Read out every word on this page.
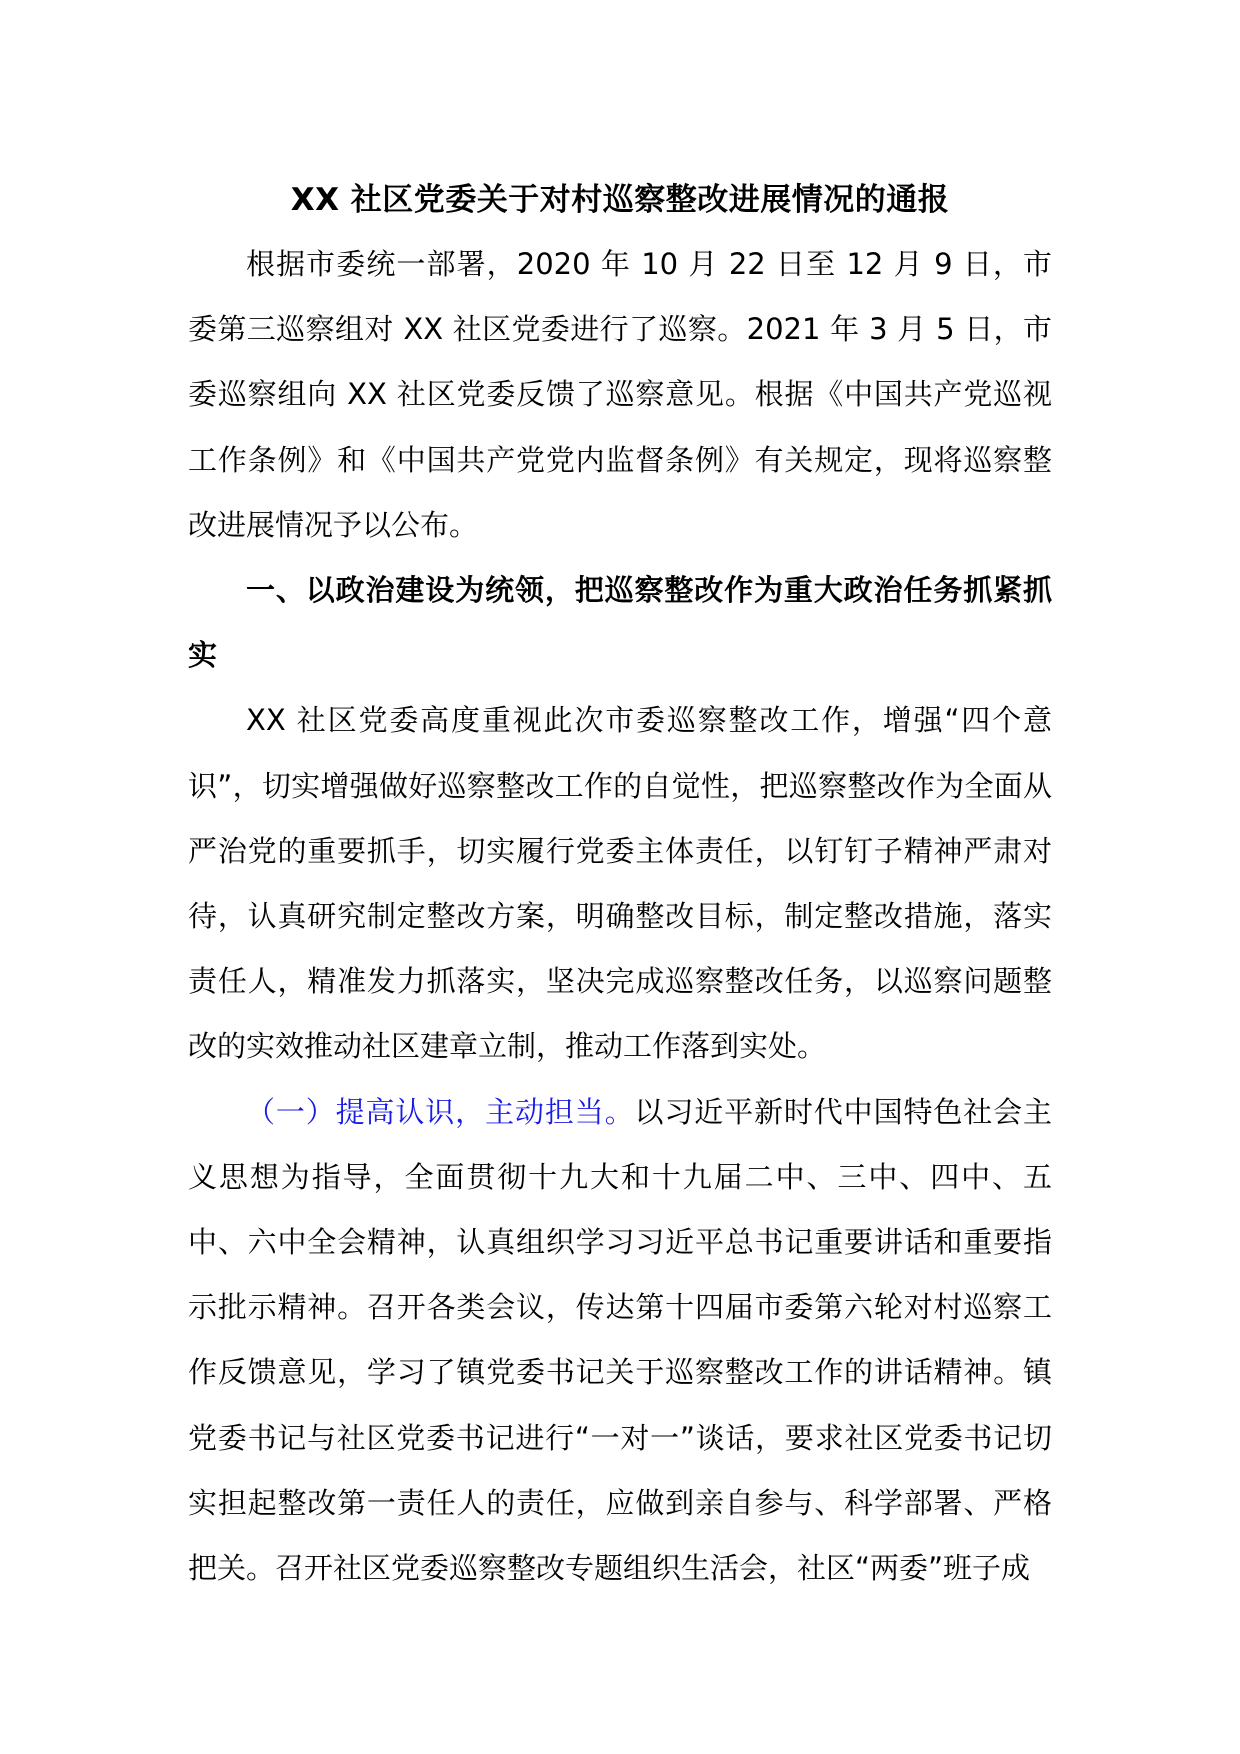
XX 社区党委关于对村巡察整改进展情况的通报

根据市委统一部署，2020 年 10 月 22 日至 12 月 9 日，市委第三巡察组对 XX 社区党委进行了巡察。2021 年 3 月 5 日，市委巡察组向 XX 社区党委反馈了巡察意见。根据《中国共产党巡视工作条例》和《中国共产党党内监督条例》有关规定，现将巡察整改进展情况予以公布。

一、以政治建设为统领，把巡察整改作为重大政治任务抓紧抓实

XX 社区党委高度重视此次市委巡察整改工作，增强“四个意识”，切实增强做好巡察整改工作的自觉性，把巡察整改作为全面从严治党的重要抓手，切实履行党委主体责任，以钉钉子精神严肃对待，认真研究制定整改方案，明确整改目标，制定整改措施，落实责任人，精准发力抓落实，坚决完成巡察整改任务，以巡察问题整改的实效推动社区建章立制，推动工作落到实处。

（一）提高认识，主动担当。以习近平新时代中国特色社会主义思想为指导，全面贯彻十九大和十九届二中、三中、四中、五中、六中全会精神，认真组织学习习近平总书记重要讲话和重要指示批示精神。召开各类会议，传达第十四届市委第六轮对村巡察工作反馈意见，学习了镇党委书记关于巡察整改工作的讲话精神。镇党委书记与社区党委书记进行“一对一”谈话，要求社区党委书记切实担起整改第一责任人的责任，应做到亲自参与、科学部署、严格把关。召开社区党委巡察整改专题组织生活会，社区“两委”班子成
